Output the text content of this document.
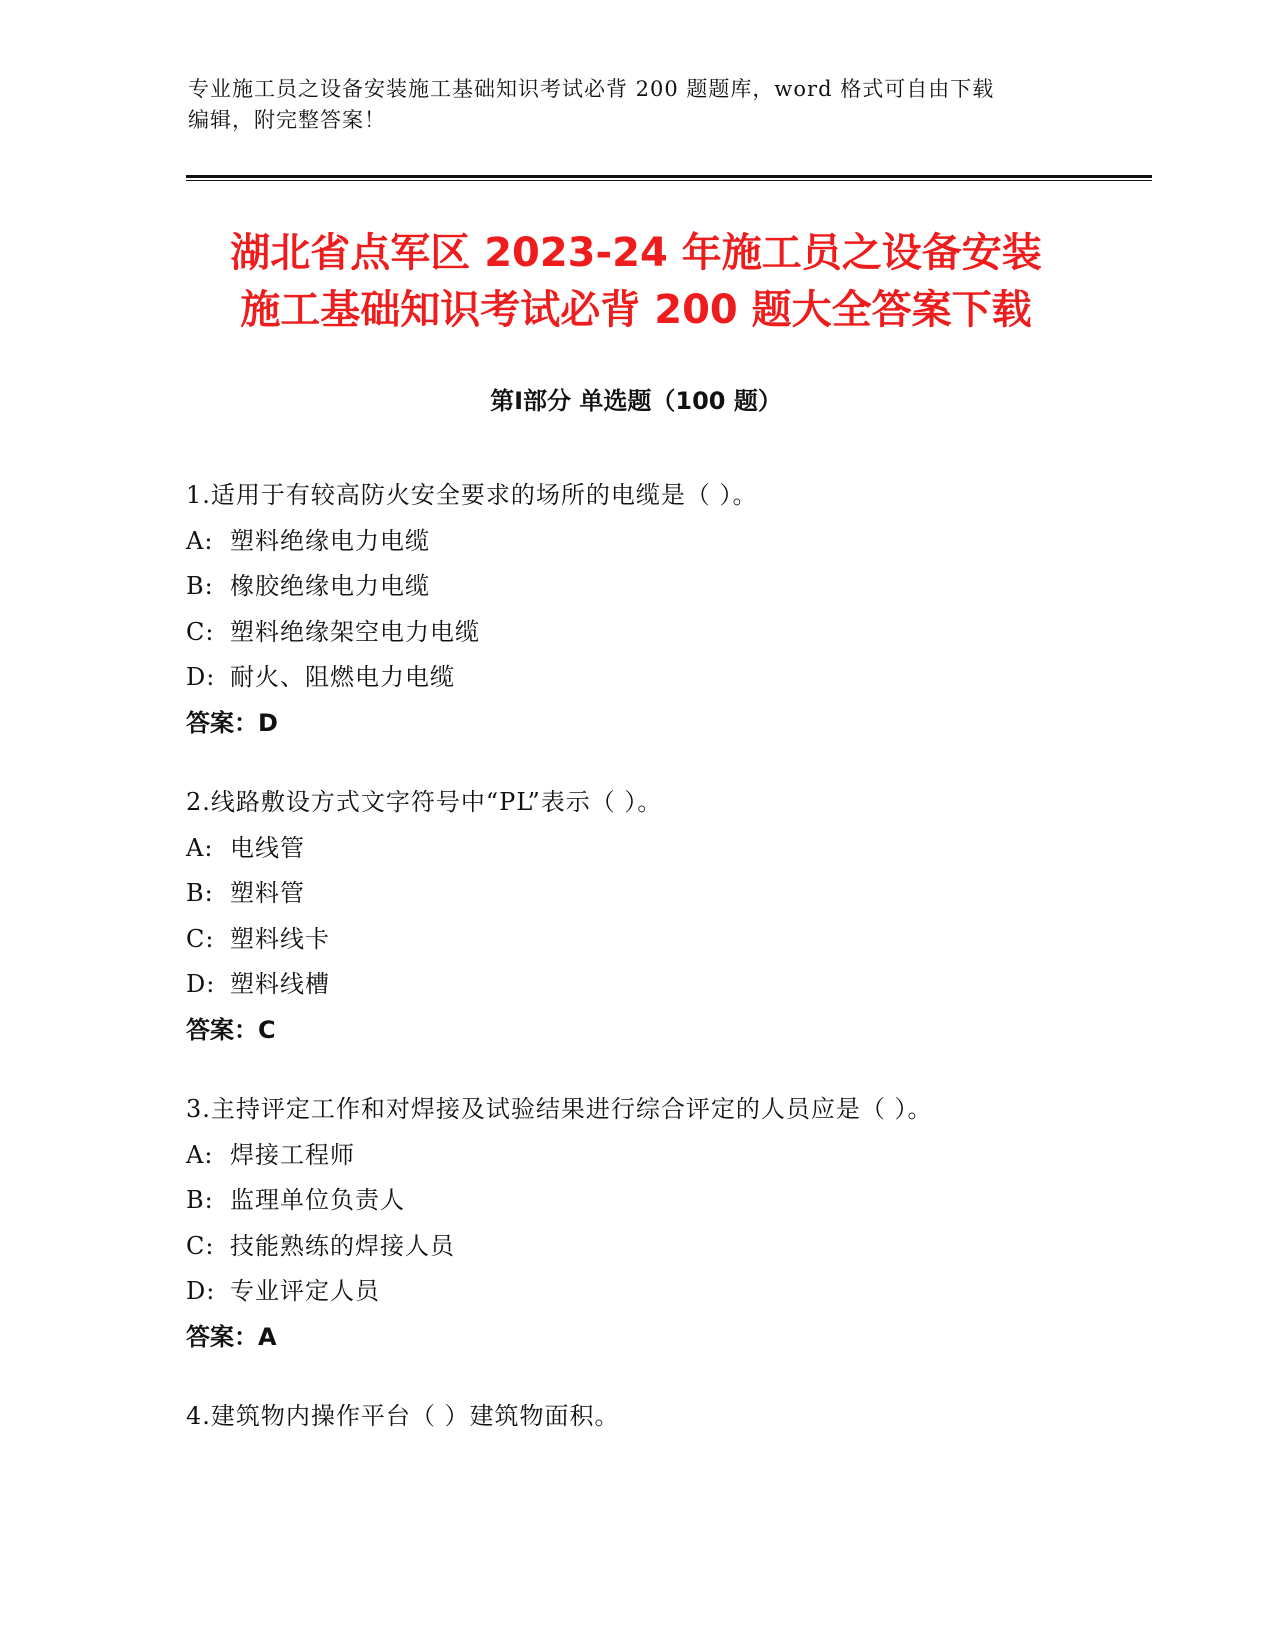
专业施工员之设备安装施工基础知识考试必背 200 题题库，word 格式可自由下载
编辑，附完整答案！
湖北省点军区 2023-24 年施工员之设备安装
施工基础知识考试必背 200 题大全答案下载
第Ⅰ部分 单选题（100 题）
1.适用于有较高防火安全要求的场所的电缆是（ ）。
A: 塑料绝缘电力电缆
B: 橡胶绝缘电力电缆
C: 塑料绝缘架空电力电缆
D: 耐火、阻燃电力电缆
答案：D
2.线路敷设方式文字符号中“PL”表示（ ）。
A: 电线管
B: 塑料管
C: 塑料线卡
D: 塑料线槽
答案：C
3.主持评定工作和对焊接及试验结果进行综合评定的人员应是（ ）。
A: 焊接工程师
B: 监理单位负责人
C: 技能熟练的焊接人员
D: 专业评定人员
答案：A
4.建筑物内操作平台（ ）建筑物面积。
